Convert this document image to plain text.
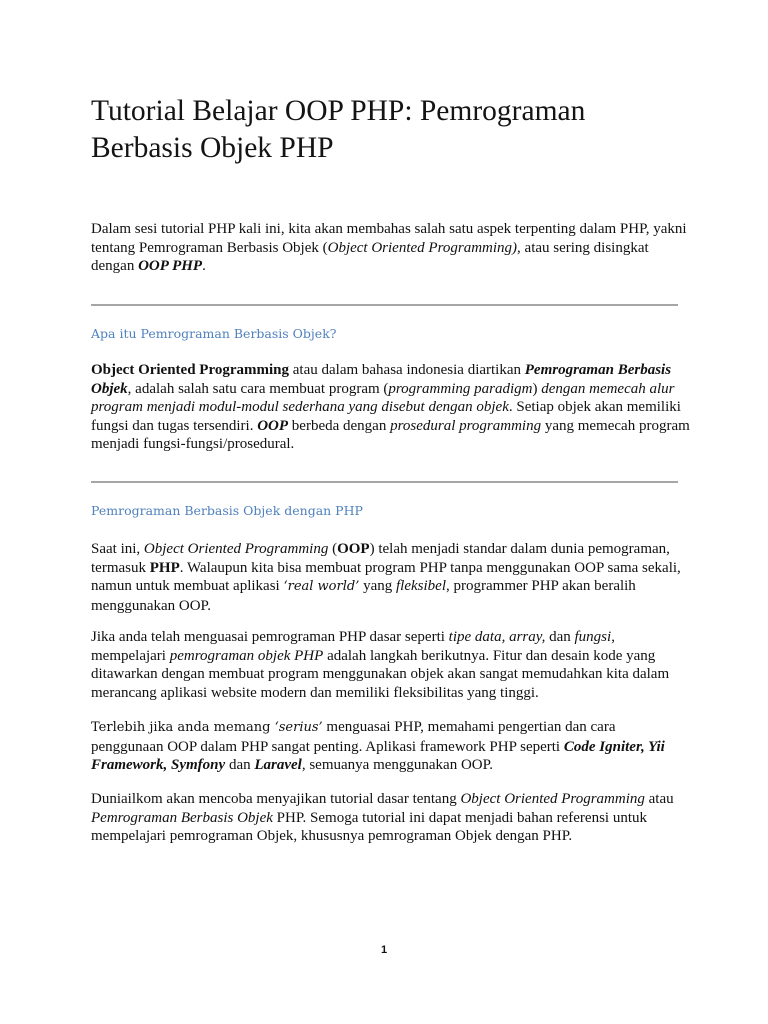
Tutorial Belajar OOP PHP: Pemrograman Berbasis Objek PHP

Dalam sesi tutorial PHP kali ini, kita akan membahas salah satu aspek terpenting dalam PHP, yakni tentang Pemrograman Berbasis Objek (Object Oriented Programming), atau sering disingkat dengan OOP PHP.

Apa itu Pemrograman Berbasis Objek?

Object Oriented Programming atau dalam bahasa indonesia diartikan Pemrograman Berbasis Objek, adalah salah satu cara membuat program (programming paradigm) dengan memecah alur program menjadi modul-modul sederhana yang disebut dengan objek. Setiap objek akan memiliki fungsi dan tugas tersendiri. OOP berbeda dengan prosedural programming yang memecah program menjadi fungsi-fungsi/prosedural.

Pemrograman Berbasis Objek dengan PHP

Saat ini, Object Oriented Programming (OOP) telah menjadi standar dalam dunia pemograman, termasuk PHP. Walaupun kita bisa membuat program PHP tanpa menggunakan OOP sama sekali, namun untuk membuat aplikasi ‘real world’ yang fleksibel, programmer PHP akan beralih menggunakan OOP.

Jika anda telah menguasai pemrograman PHP dasar seperti tipe data, array, dan fungsi, mempelajari pemrograman objek PHP adalah langkah berikutnya. Fitur dan desain kode yang ditawarkan dengan membuat program menggunakan objek akan sangat memudahkan kita dalam merancang aplikasi website modern dan memiliki fleksibilitas yang tinggi.

Terlebih jika anda memang ‘serius’ menguasai PHP, memahami pengertian dan cara penggunaan OOP dalam PHP sangat penting. Aplikasi framework PHP seperti Code Igniter, Yii Framework, Symfony dan Laravel, semuanya menggunakan OOP.

Duniailkom akan mencoba menyajikan tutorial dasar tentang Object Oriented Programming atau Pemrograman Berbasis Objek PHP. Semoga tutorial ini dapat menjadi bahan referensi untuk mempelajari pemrograman Objek, khususnya pemrograman Objek dengan PHP.

1
